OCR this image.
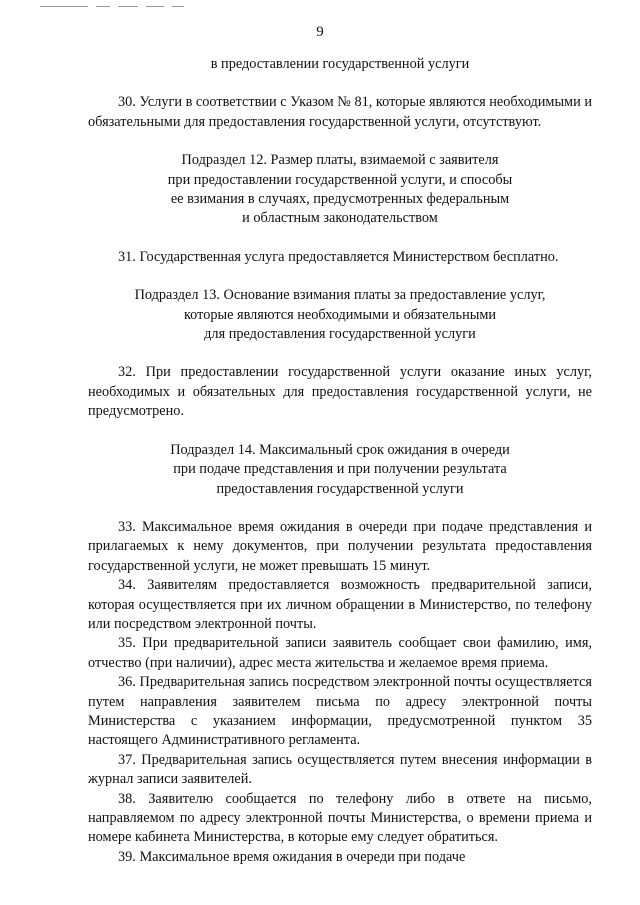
9
в предоставлении государственной услуги

30. Услуги в соответствии с Указом № 81, которые являются необходимыми и обязательными для предоставления государственной услуги, отсутствуют.

Подраздел 12. Размер платы, взимаемой с заявителя
при предоставлении государственной услуги, и способы
ее взимания в случаях, предусмотренных федеральным
и областным законодательством

31. Государственная услуга предоставляется Министерством бесплатно.

Подраздел 13. Основание взимания платы за предоставление услуг,
которые являются необходимыми и обязательными
для предоставления государственной услуги

32. При предоставлении государственной услуги оказание иных услуг, необходимых и обязательных для предоставления государственной услуги, не предусмотрено.

Подраздел 14. Максимальный срок ожидания в очереди
при подаче представления и при получении результата
предоставления государственной услуги

33. Максимальное время ожидания в очереди при подаче представления и прилагаемых к нему документов, при получении результата предоставления государственной услуги, не может превышать 15 минут.

34. Заявителям предоставляется возможность предварительной записи, которая осуществляется при их личном обращении в Министерство, по телефону или посредством электронной почты.

35. При предварительной записи заявитель сообщает свои фамилию, имя, отчество (при наличии), адрес места жительства и желаемое время приема.

36. Предварительная запись посредством электронной почты осуществляется путем направления заявителем письма по адресу электронной почты Министерства с указанием информации, предусмотренной пунктом 35 настоящего Административного регламента.

37. Предварительная запись осуществляется путем внесения информации в журнал записи заявителей.

38. Заявителю сообщается по телефону либо в ответе на письмо, направляемом по адресу электронной почты Министерства, о времени приема и номере кабинета Министерства, в которые ему следует обратиться.

39. Максимальное время ожидания в очереди при подаче
